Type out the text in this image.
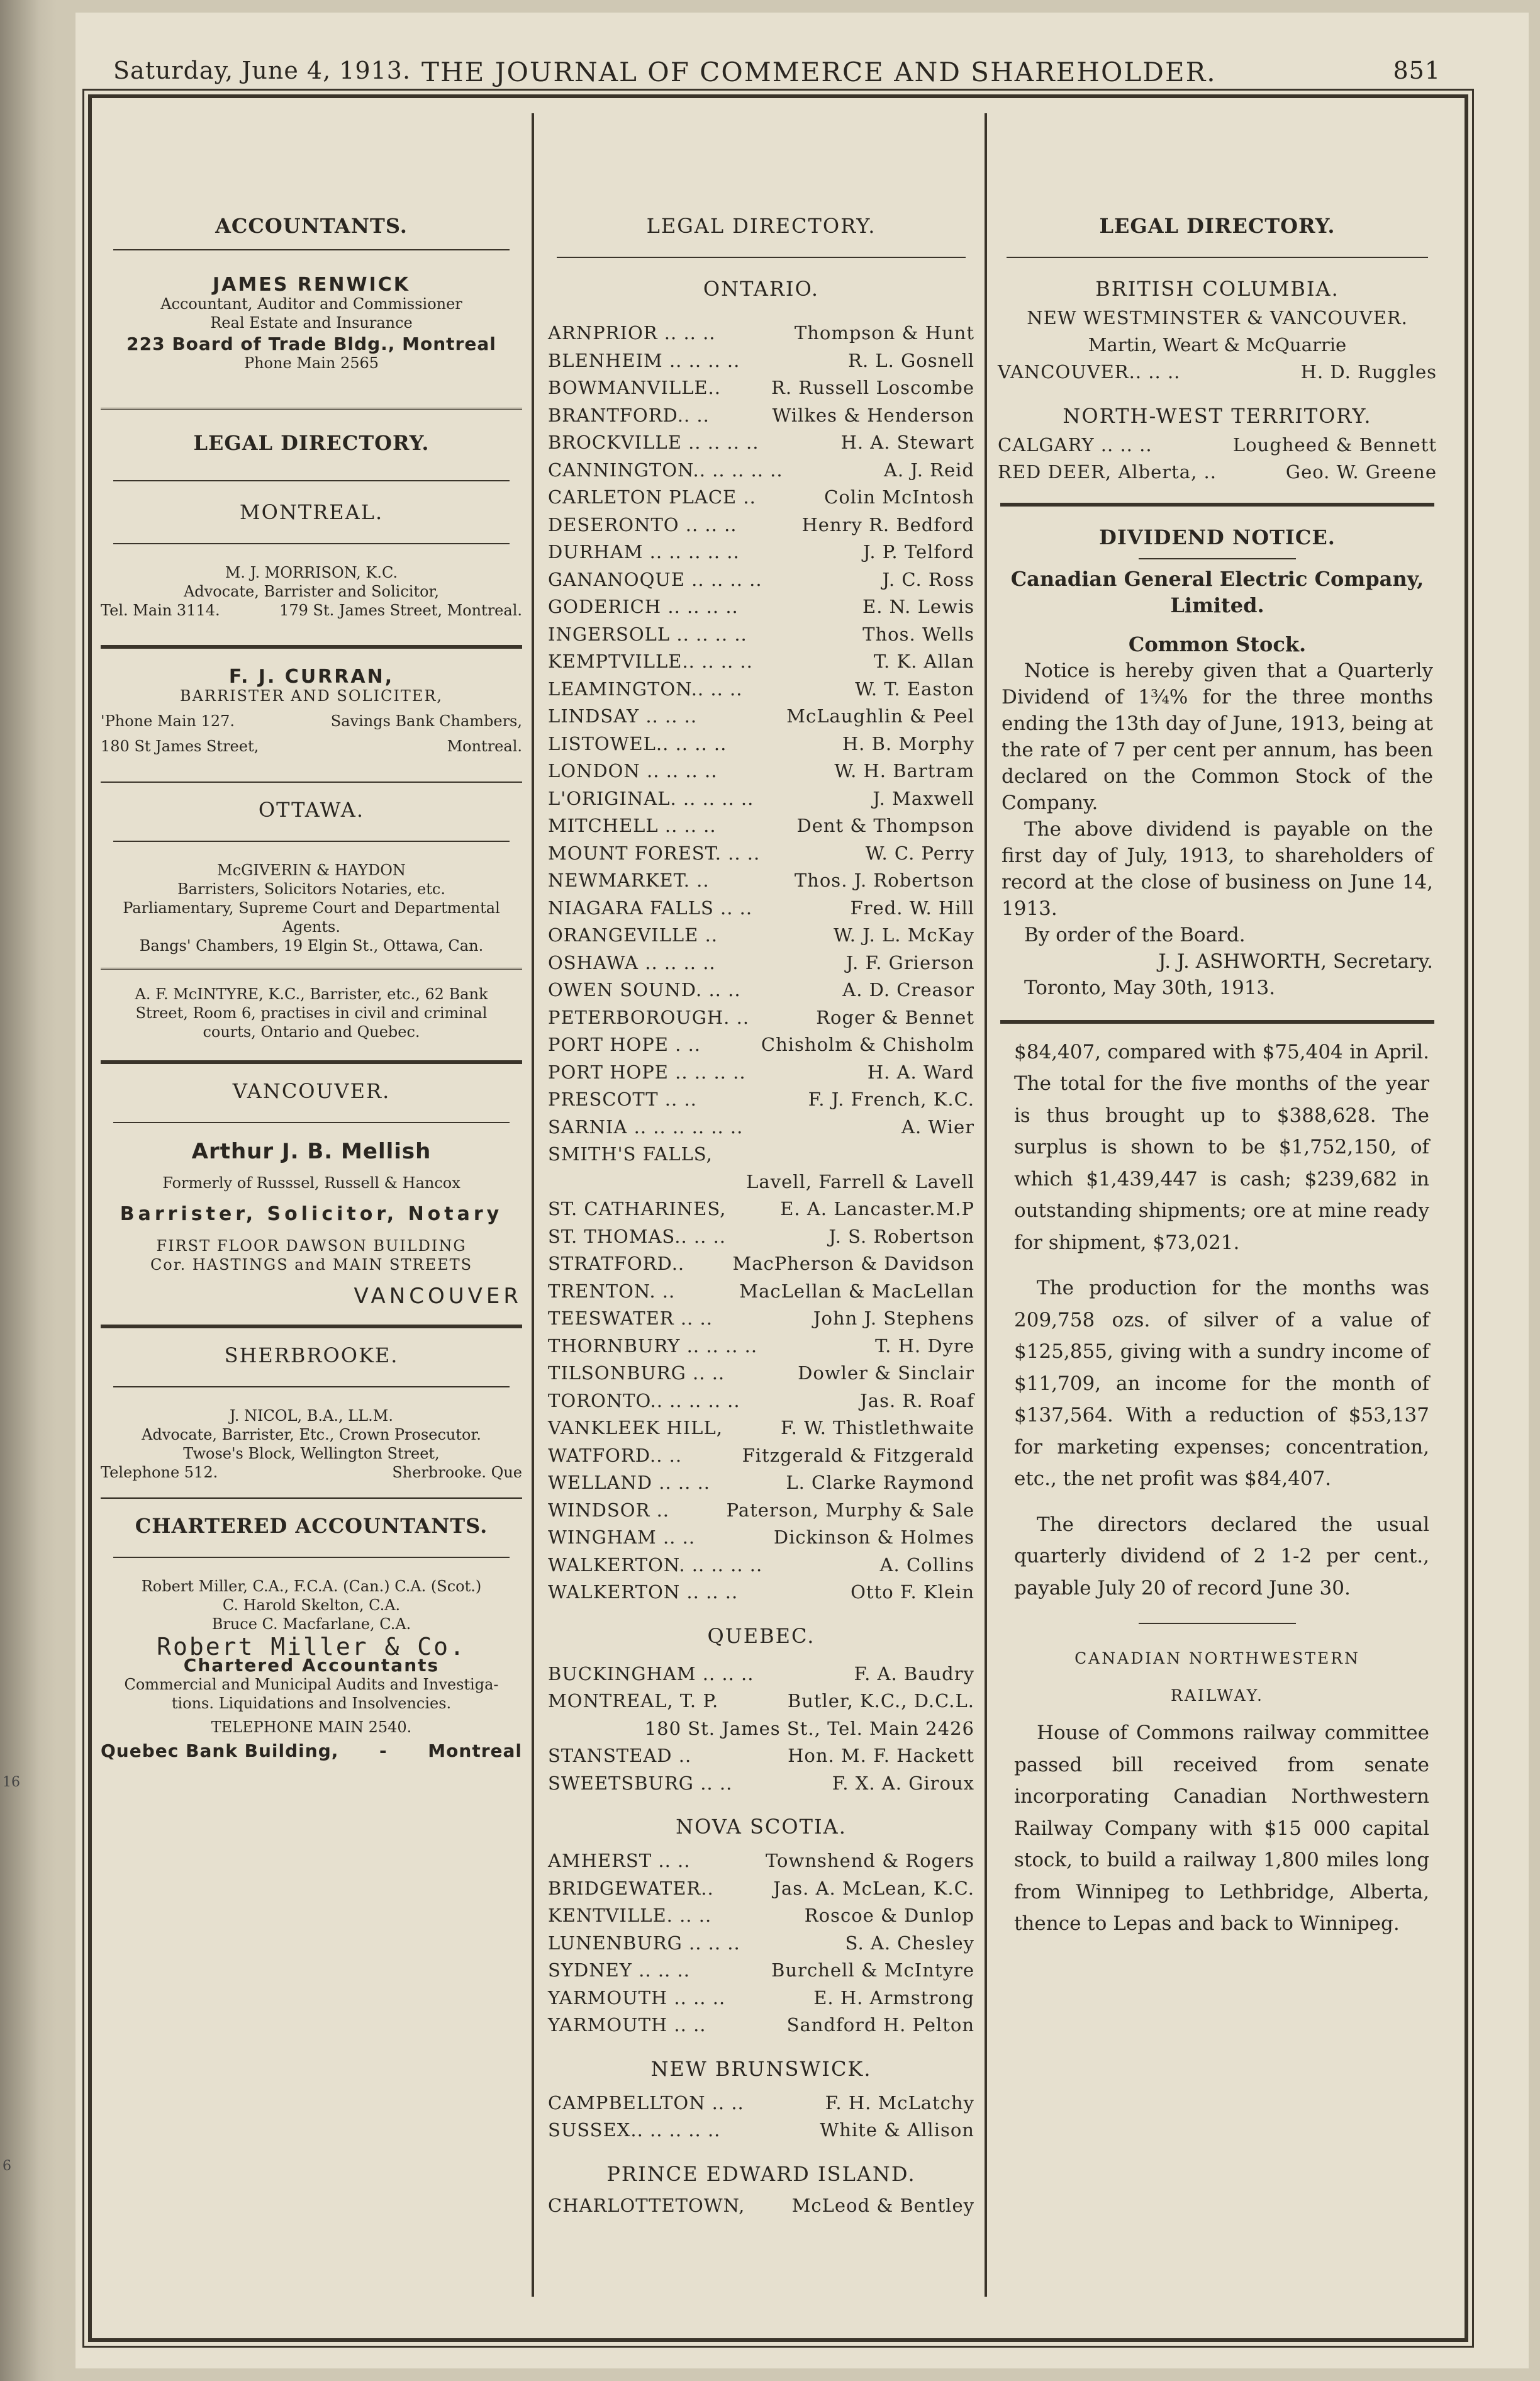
16
6
Saturday, June 4, 1913. THE JOURNAL OF COMMERCE AND SHAREHOLDER.	851
ACCOUNTANTS.
JAMES RENWICK
Accountant, Auditor and Commissioner
Real Estate and Insurance
223 Board of Trade Bldg., Montreal
Phone Main 2565
LEGAL DIRECTORY.
MONTREAL.
M. J. MORRISON, K.C.
Advocate, Barrister and Solicitor,
Tel. Main 3114.	179 St. James Street, Montreal.
F. J. CURRAN,
BARRISTER AND SOLICITER,
'Phone Main 127.	Savings Bank Chambers,
180 St James Street,	Montreal.
OTTAWA.
McGIVERIN & HAYDON
Barristers, Solicitors Notaries, etc.
Parliamentary, Supreme Court and Departmental
Agents.
Bangs' Chambers, 19 Elgin St., Ottawa, Can.
A. F. McINTYRE, K.C., Barrister, etc., 62 Bank
Street, Room 6, practises in civil and criminal
courts, Ontario and Quebec.
VANCOUVER.
Arthur J. B. Mellish
Formerly of Russsel, Russell & Hancox
Barrister, Solicitor, Notary
FIRST FLOOR DAWSON BUILDING
Cor. HASTINGS and MAIN STREETS
VANCOUVER
SHERBROOKE.
J. NICOL, B.A., LL.M.
Advocate, Barrister, Etc., Crown Prosecutor.
Twose's Block, Wellington Street,
Telephone 512.	Sherbrooke. Que
CHARTERED ACCOUNTANTS.
Robert Miller, C.A., F.C.A. (Can.) C.A. (Scot.)
C. Harold Skelton, C.A.
Bruce C. Macfarlane, C.A.
Robert Miller & Co.
Chartered Accountants
Commercial and Municipal Audits and Investiga-
tions. Liquidations and Insolvencies.
TELEPHONE MAIN 2540.
Quebec Bank Building, - Montreal
LEGAL DIRECTORY.
ONTARIO.
ARNPRIOR .. .. ..	Thompson & Hunt
BLENHEIM .. .. .. ..	R. L. Gosnell
BOWMANVILLE..	R. Russell Loscombe
BRANTFORD.. ..	Wilkes & Henderson
BROCKVILLE .. .. .. ..	H. A. Stewart
CANNINGTON.. .. .. .. ..	A. J. Reid
CARLETON PLACE ..	Colin McIntosh
DESERONTO .. .. ..	Henry R. Bedford
DURHAM .. .. .. .. ..	J. P. Telford
GANANOQUE .. .. .. ..	J. C. Ross
GODERICH .. .. .. ..	E. N. Lewis
INGERSOLL .. .. .. ..	Thos. Wells
KEMPTVILLE.. .. .. ..	T. K. Allan
LEAMINGTON.. .. ..	W. T. Easton
LINDSAY .. .. ..	McLaughlin & Peel
LISTOWEL.. .. .. ..	H. B. Morphy
LONDON .. .. .. ..	W. H. Bartram
L'ORIGINAL. .. .. .. ..	J. Maxwell
MITCHELL .. .. ..	Dent & Thompson
MOUNT FOREST. .. ..	W. C. Perry
NEWMARKET. ..	Thos. J. Robertson
NIAGARA FALLS .. ..	Fred. W. Hill
ORANGEVILLE ..	W. J. L. McKay
OSHAWA .. .. .. ..	J. F. Grierson
OWEN SOUND. .. ..	A. D. Creasor
PETERBOROUGH. ..	Roger & Bennet
PORT HOPE . ..	Chisholm & Chisholm
PORT HOPE .. .. .. ..	H. A. Ward
PRESCOTT .. ..	F. J. French, K.C.
SARNIA .. .. .. .. .. ..	A. Wier
SMITH'S FALLS,
Lavell, Farrell & Lavell
ST. CATHARINES,	E. A. Lancaster.M.P
ST. THOMAS.. .. ..	J. S. Robertson
STRATFORD..	MacPherson & Davidson
TRENTON. ..	MacLellan & MacLellan
TEESWATER .. ..	John J. Stephens
THORNBURY .. .. .. ..	T. H. Dyre
TILSONBURG .. ..	Dowler & Sinclair
TORONTO.. .. .. .. ..	Jas. R. Roaf
VANKLEEK HILL,	F. W. Thistlethwaite
WATFORD.. ..	Fitzgerald & Fitzgerald
WELLAND .. .. ..	L. Clarke Raymond
WINDSOR ..	Paterson, Murphy & Sale
WINGHAM .. ..	Dickinson & Holmes
WALKERTON. .. .. .. ..	A. Collins
WALKERTON .. .. ..	Otto F. Klein
QUEBEC.
BUCKINGHAM .. .. ..	F. A. Baudry
MONTREAL, T. P.	Butler, K.C., D.C.L.
180 St. James St., Tel. Main 2426
STANSTEAD ..	Hon. M. F. Hackett
SWEETSBURG .. ..	F. X. A. Giroux
NOVA SCOTIA.
AMHERST .. ..	Townshend & Rogers
BRIDGEWATER..	Jas. A. McLean, K.C.
KENTVILLE. .. ..	Roscoe & Dunlop
LUNENBURG .. .. ..	S. A. Chesley
SYDNEY .. .. ..	Burchell & McIntyre
YARMOUTH .. .. ..	E. H. Armstrong
YARMOUTH .. ..	Sandford H. Pelton
NEW BRUNSWICK.
CAMPBELLTON .. ..	F. H. McLatchy
SUSSEX.. .. .. .. ..	White & Allison
PRINCE EDWARD ISLAND.
CHARLOTTETOWN,	McLeod & Bentley
LEGAL DIRECTORY.
BRITISH COLUMBIA.
NEW WESTMINSTER & VANCOUVER.
Martin, Weart & McQuarrie
VANCOUVER.. .. ..	H. D. Ruggles
NORTH-WEST TERRITORY.
CALGARY .. .. ..	Lougheed & Bennett
RED DEER, Alberta, ..	Geo. W. Greene
DIVIDEND NOTICE.
Canadian General Electric Company,
Limited.
Common Stock.

Notice is hereby given that a Quarterly Dividend of 1¾% for the three months ending the 13th day of June, 1913, being at the rate of 7 per cent per annum, has been declared on the Common Stock of the Company.

The above dividend is payable on the first day of July, 1913, to shareholders of record at the close of business on June 14, 1913.

By order of the Board.

J. J. ASHWORTH, Secretary.

Toronto, May 30th, 1913.

$84,407, compared with $75,404 in April. The total for the five months of the year is thus brought up to $388,628. The surplus is shown to be $1,752,150, of which $1,439,447 is cash; $239,682 in outstanding shipments; ore at mine ready for shipment, $73,021.

The production for the months was 209,758 ozs. of silver of a value of $125,855, giving with a sundry income of $11,709, an income for the month of $137,564. With a reduction of $53,137 for marketing expenses; concentration, etc., the net profit was $84,407.

The directors declared the usual quarterly dividend of 2 1-2 per cent., payable July 20 of record June 30.

CANADIAN NORTHWESTERN
RAILWAY.

House of Commons railway committee passed bill received from senate incorporating Canadian Northwestern Railway Company with $15 000 capital stock, to build a railway 1,800 miles long from Winnipeg to Lethbridge, Alberta, thence to Lepas and back to Winnipeg.
